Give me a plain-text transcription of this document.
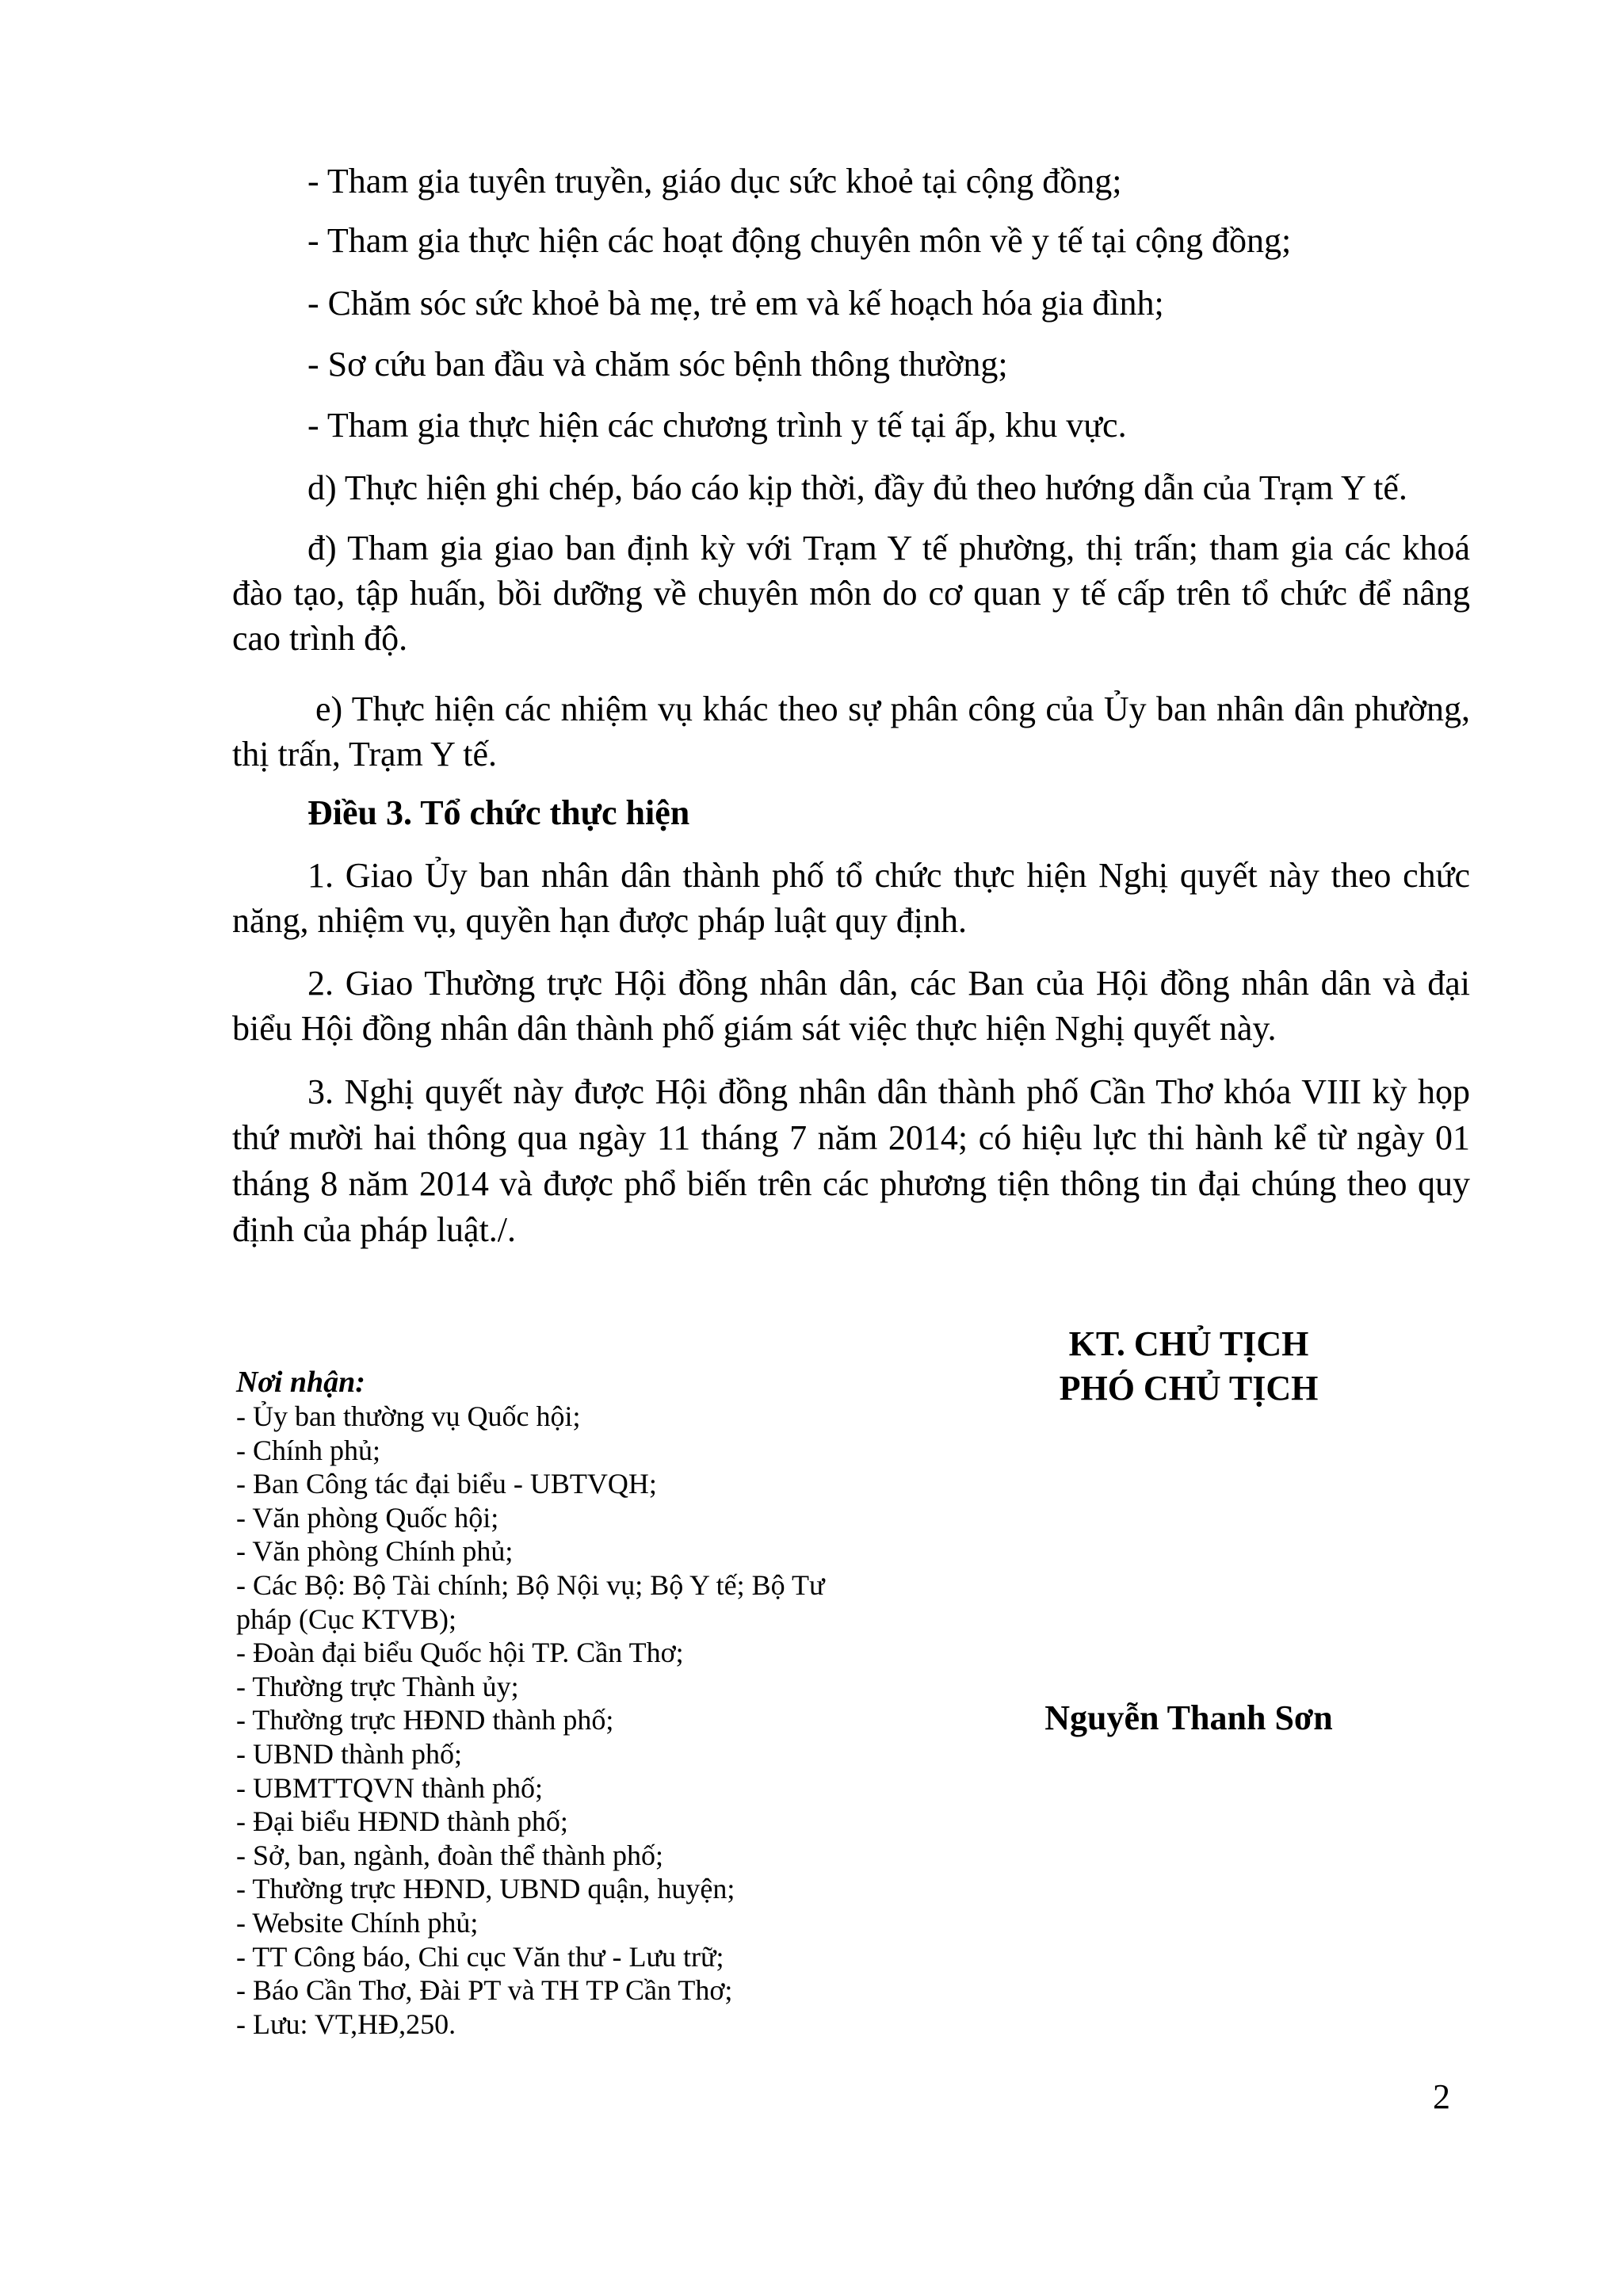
- Tham gia tuyên truyền, giáo dục sức khoẻ tại cộng đồng;
- Tham gia thực hiện các hoạt động chuyên môn về y tế tại cộng đồng;
- Chăm sóc sức khoẻ bà mẹ, trẻ em và kế hoạch hóa gia đình;
- Sơ cứu ban đầu và chăm sóc bệnh thông thường;
- Tham gia thực hiện các chương trình y tế tại ấp, khu vực.
d) Thực hiện ghi chép, báo cáo kịp thời, đầy đủ theo hướng dẫn của Trạm Y tế.
đ) Tham gia giao ban định kỳ với Trạm Y tế phường, thị trấn; tham gia các khoá đào tạo, tập huấn, bồi dưỡng về chuyên môn do cơ quan y tế cấp trên tổ chức để nâng cao trình độ.
e) Thực hiện các nhiệm vụ khác theo sự phân công của Ủy ban nhân dân phường, thị trấn, Trạm Y tế.
Điều 3. Tổ chức thực hiện
1. Giao Ủy ban nhân dân thành phố tổ chức thực hiện Nghị quyết này theo chức năng, nhiệm vụ, quyền hạn được pháp luật quy định.
2. Giao Thường trực Hội đồng nhân dân, các Ban của Hội đồng nhân dân và đại biểu Hội đồng nhân dân thành phố giám sát việc thực hiện Nghị quyết này.
3. Nghị quyết này được Hội đồng nhân dân thành phố Cần Thơ khóa VIII kỳ họp thứ mười hai thông qua ngày 11 tháng 7 năm 2014; có hiệu lực thi hành kể từ ngày 01 tháng 8 năm 2014 và được phổ biến trên các phương tiện thông tin đại chúng theo quy định của pháp luật./.
KT. CHỦ TỊCH
PHÓ CHỦ TỊCH
Nguyễn Thanh Sơn
Nơi nhận:
- Ủy ban thường vụ Quốc hội;
- Chính phủ;
- Ban Công tác đại biểu - UBTVQH;
- Văn phòng Quốc hội;
- Văn phòng Chính phủ;
- Các Bộ: Bộ Tài chính; Bộ Nội vụ; Bộ Y tế; Bộ Tư pháp (Cục KTVB);
- Đoàn đại biểu Quốc hội TP. Cần Thơ;
- Thường trực Thành ủy;
- Thường trực HĐND thành phố;
- UBND thành phố;
- UBMTTQVN thành phố;
- Đại biểu HĐND thành phố;
- Sở, ban, ngành, đoàn thể thành phố;
- Thường trực HĐND, UBND quận, huyện;
- Website Chính phủ;
- TT Công báo, Chi cục Văn thư - Lưu trữ;
- Báo Cần Thơ, Đài PT và TH TP Cần Thơ;
- Lưu: VT,HĐ,250.
2
